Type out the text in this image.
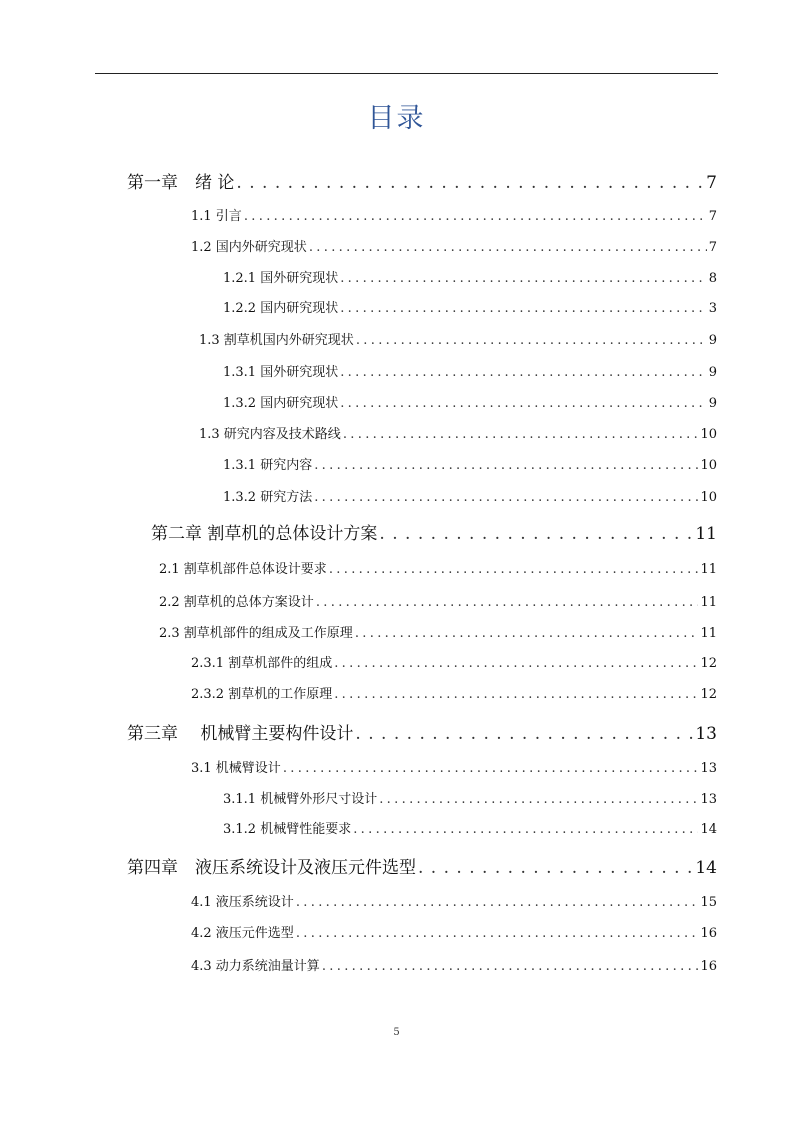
目录
第一章　绪 论 . . .	7
1.1 引言 . . .	7
1.2 国内外研究现状 . . .	7
1.2.1 国外研究现状 . . .	8
1.2.2 国内研究现状 . . .	3
1.3 割草机国内外研究现状 . . .	9
1.3.1 国外研究现状 . . .	9
1.3.2 国内研究现状 . . .	9
1.3 研究内容及技术路线 . . .	10
1.3.1 研究内容 . . .	10
1.3.2 研究方法 . . .	10
第二章 割草机的总体设计方案 . . .	11
2.1 割草机部件总体设计要求 . . .	11
2.2 割草机的总体方案设计 . . .	11
2.3 割草机部件的组成及工作原理 . . .	11
2.3.1 割草机部件的组成 . . .	12
2.3.2 割草机的工作原理 . . .	12
第三章　 机械臂主要构件设计 . . .	13
3.1 机械臂设计 . . .	13
3.1.1 机械臂外形尺寸设计 . . .	13
3.1.2 机械臂性能要求 . . .	14
第四章　液压系统设计及液压元件选型 . . .	14
4.1 液压系统设计 . . .	15
4.2 液压元件选型 . . .	16
4.3 动力系统油量计算 . . .	16
5
